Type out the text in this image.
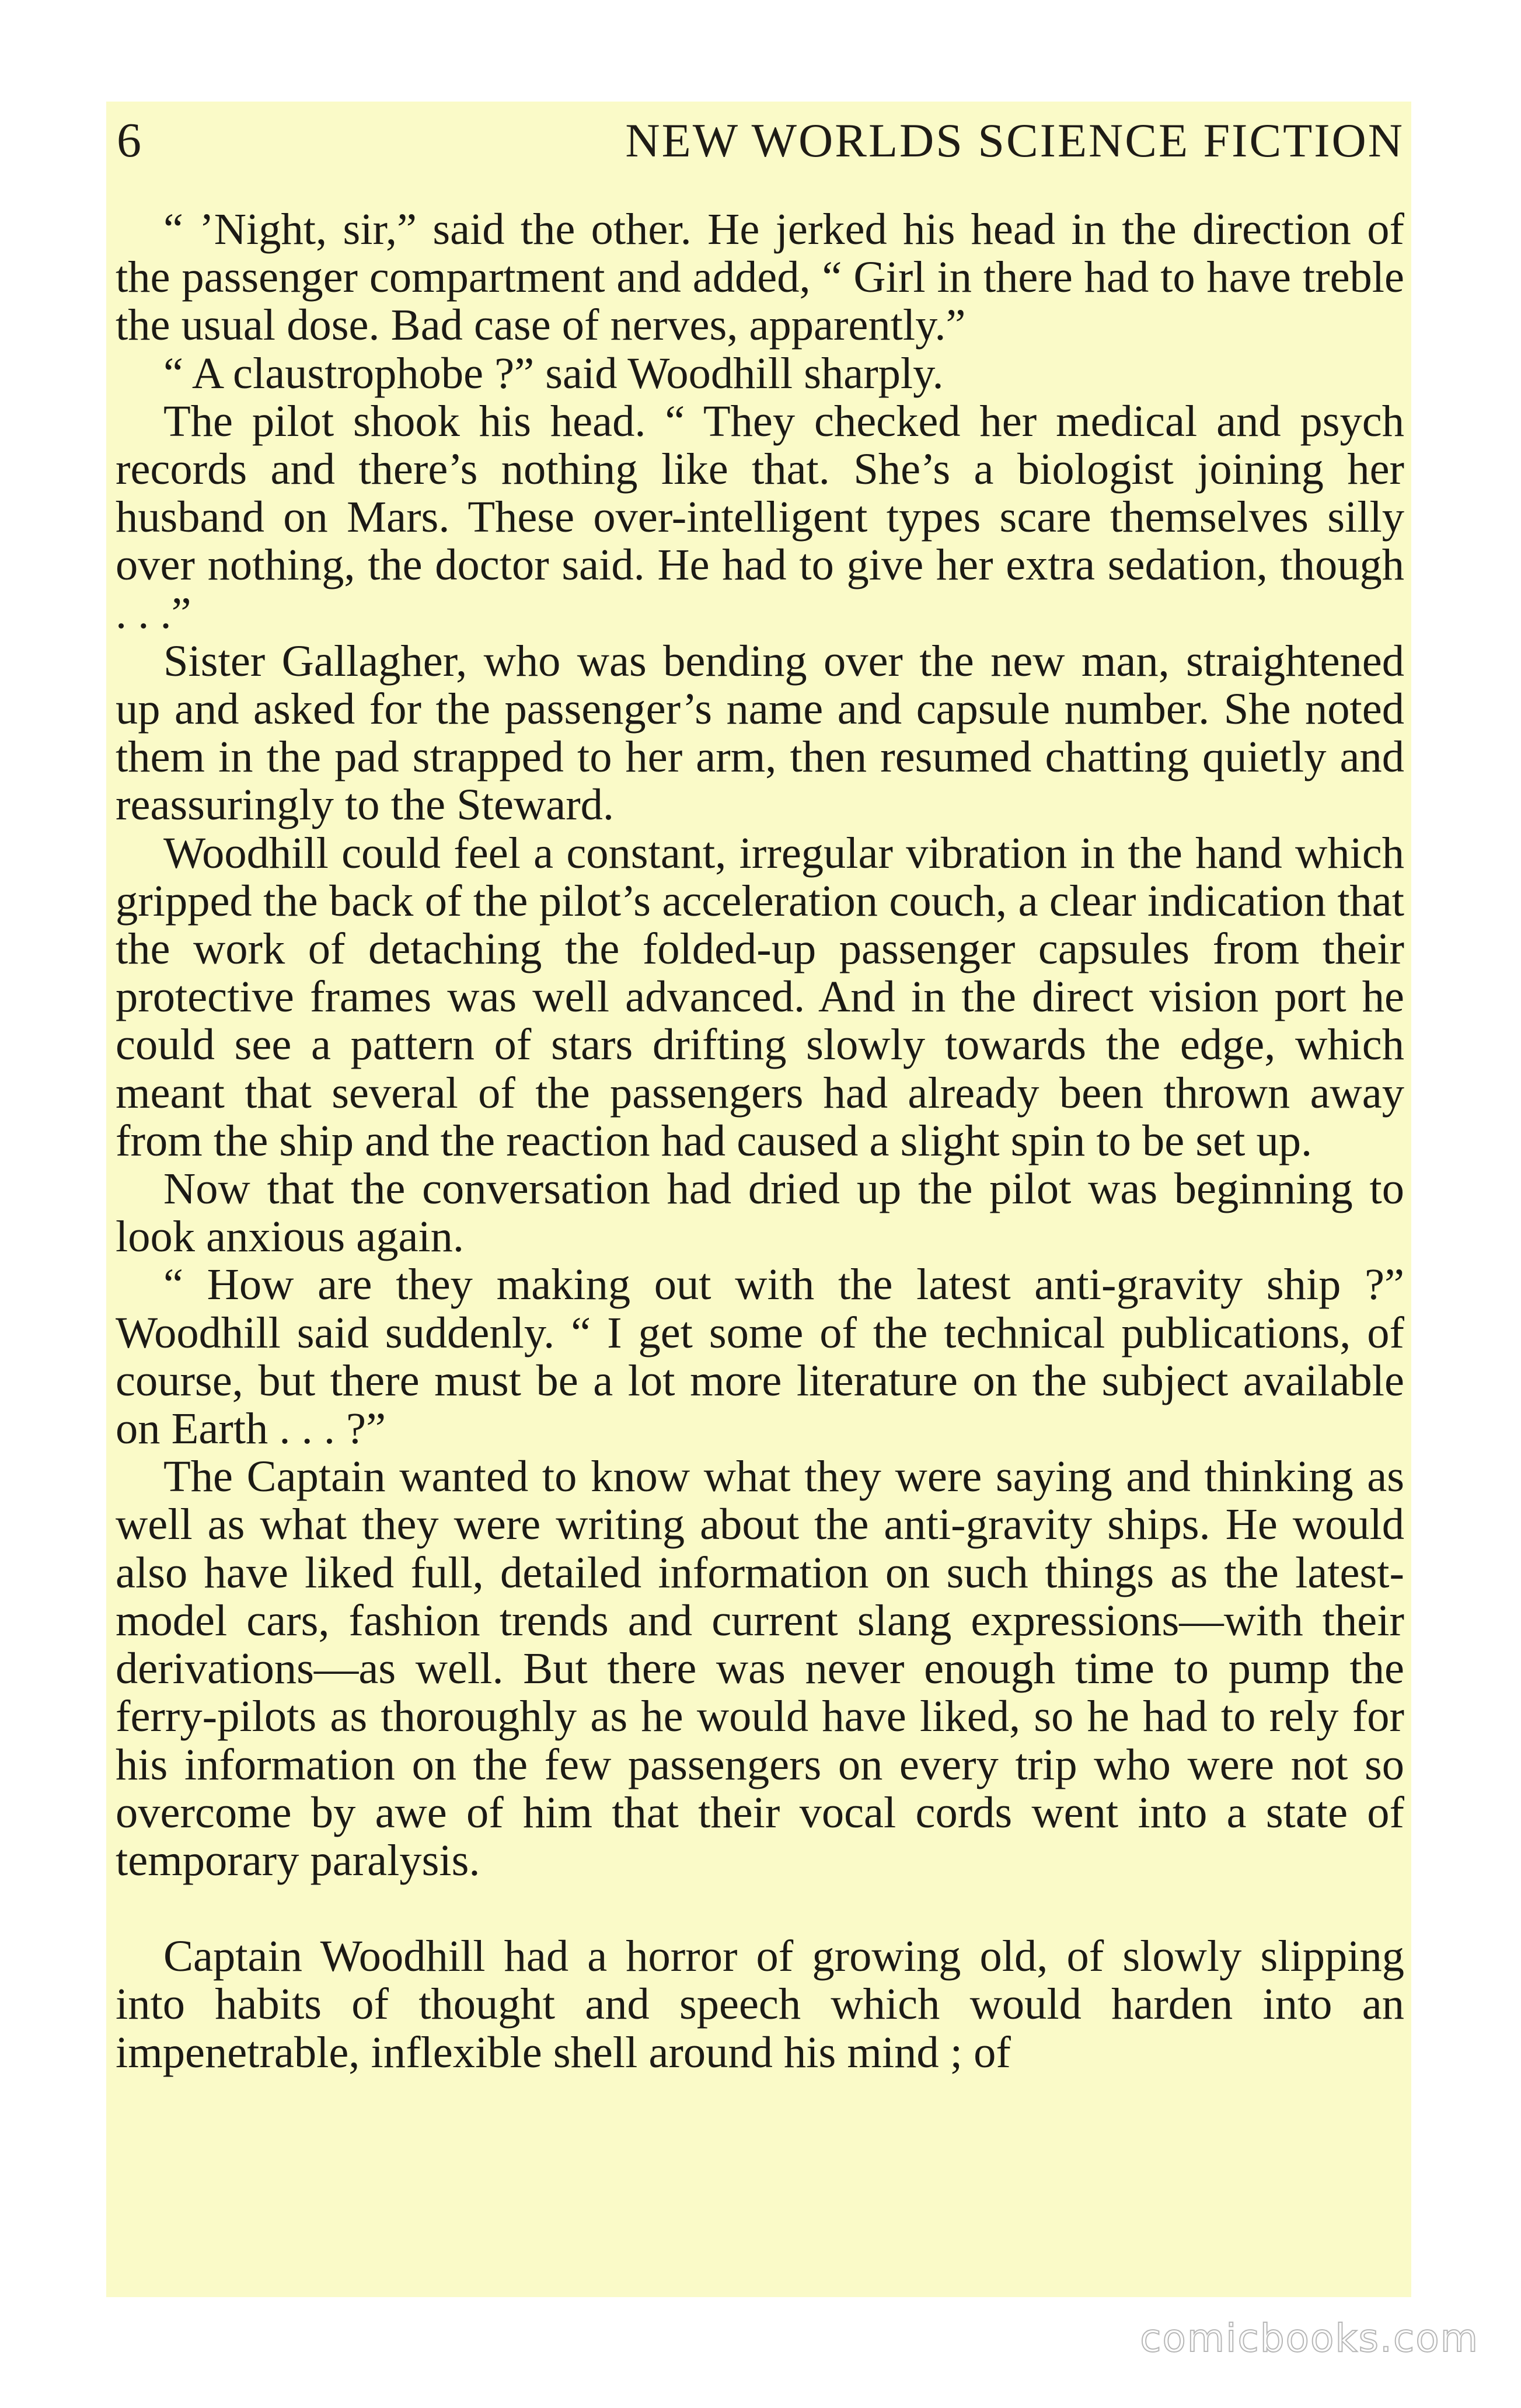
6	NEW WORLDS SCIENCE FICTION

“ ’Night, sir,” said the other. He jerked his head in the direction of the passenger compartment and added, “ Girl in there had to have treble the usual dose. Bad case of nerves, apparently.”

“ A claustrophobe ?” said Woodhill sharply.

The pilot shook his head. “ They checked her medical and psych records and there’s nothing like that. She’s a biologist joining her husband on Mars. These over-intelligent types scare themselves silly over nothing, the doctor said. He had to give her extra sedation, though . . .”

Sister Gallagher, who was bending over the new man, straightened up and asked for the passenger’s name and capsule number. She noted them in the pad strapped to her arm, then resumed chatting quietly and reassuringly to the Steward.

Woodhill could feel a constant, irregular vibration in the hand which gripped the back of the pilot’s acceleration couch, a clear indication that the work of detaching the folded-up passenger capsules from their protective frames was well advanced. And in the direct vision port he could see a pattern of stars drifting slowly towards the edge, which meant that several of the passengers had already been thrown away from the ship and the reaction had caused a slight spin to be set up.

Now that the conversation had dried up the pilot was beginning to look anxious again.

“ How are they making out with the latest anti-gravity ship ?” Woodhill said suddenly. “ I get some of the technical publications, of course, but there must be a lot more literature on the subject available on Earth . . . ?”

The Captain wanted to know what they were saying and thinking as well as what they were writing about the anti-gravity ships. He would also have liked full, detailed information on such things as the latest-model cars, fashion trends and current slang expressions—with their derivations—as well. But there was never enough time to pump the ferry-pilots as thoroughly as he would have liked, so he had to rely for his information on the few passengers on every trip who were not so overcome by awe of him that their vocal cords went into a state of temporary paralysis.

Captain Woodhill had a horror of growing old, of slowly slipping into habits of thought and speech which would harden into an impenetrable, inflexible shell around his mind ; of

comicbooks.com
